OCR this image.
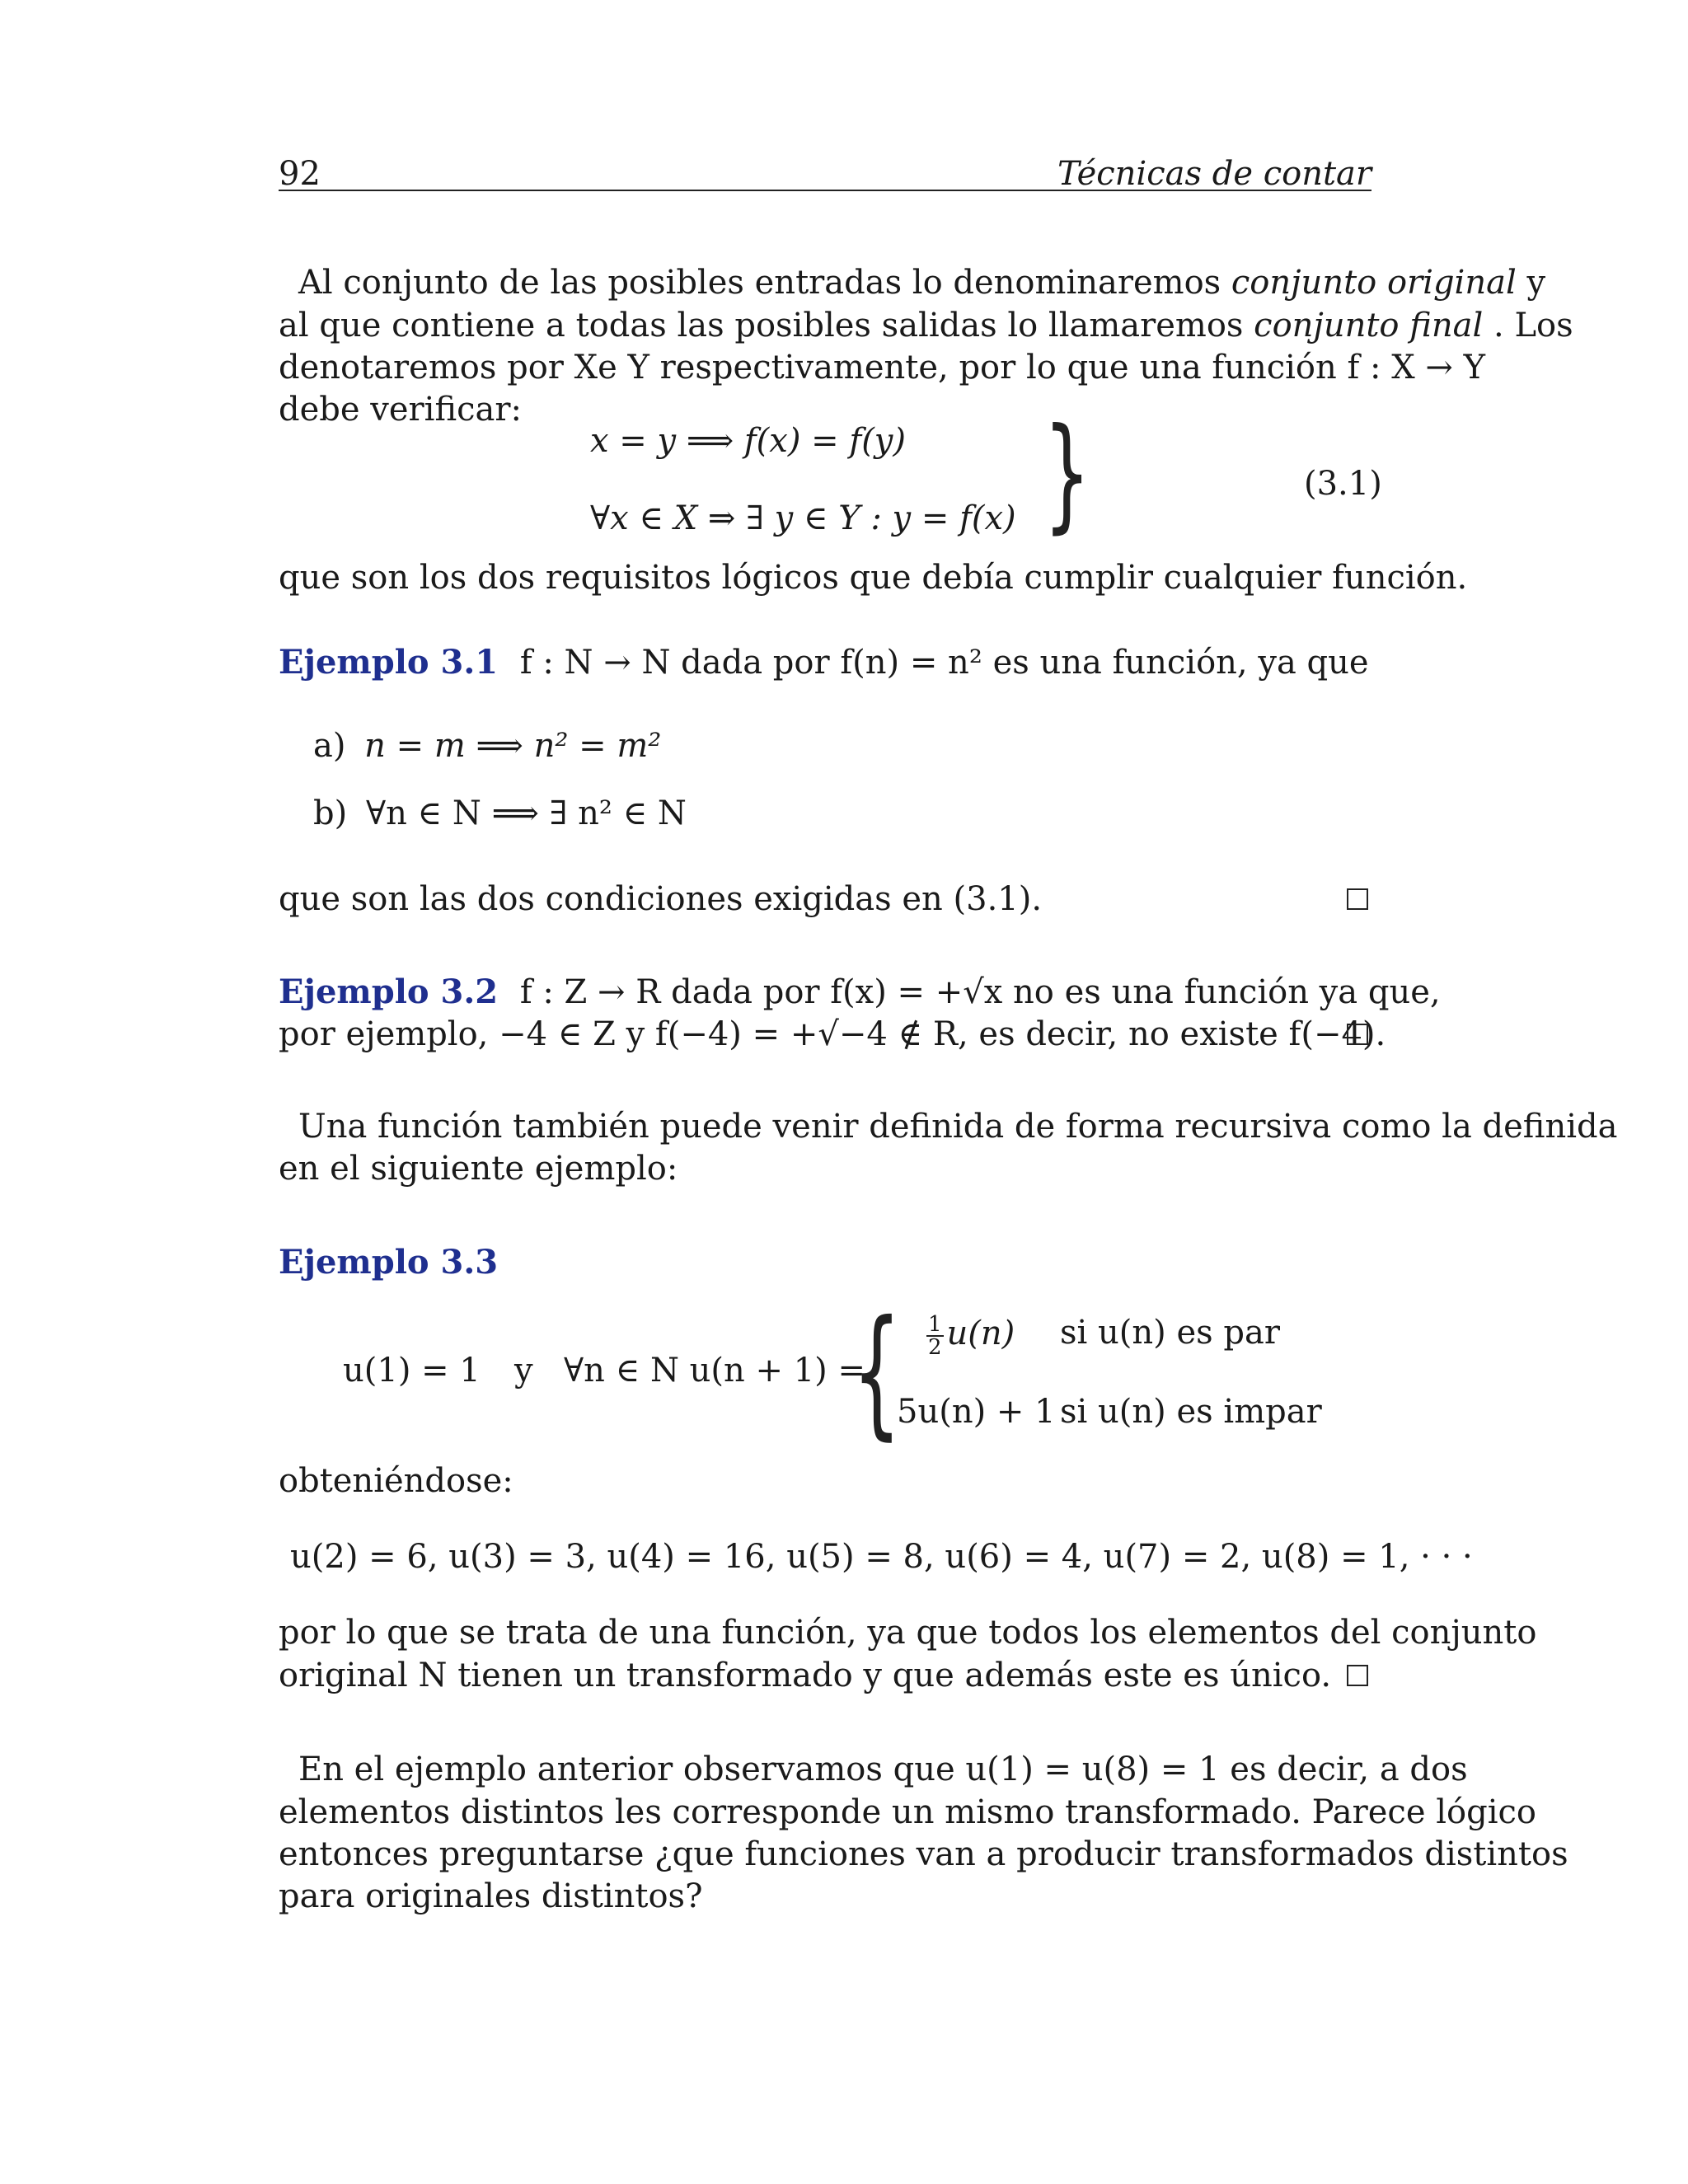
92	Técnicas de contar
Al conjunto de las posibles entradas lo denominaremos conjunto original y
al que contiene a todas las posibles salidas lo llamaremos conjunto final . Los
denotaremos por Xe Y respectivamente, por lo que una función f : X → Y
debe verificar:
x = y ⟹ f(x) = f(y)
∀x ∈ X ⇒ ∃ y ∈ Y : y = f(x) }	(3.1)
que son los dos requisitos lógicos que debía cumplir cualquier función.
Ejemplo 3.1 f : N → N dada por f(n) = n² es una función, ya que
a) n = m ⟹ n² = m²
b) ∀n ∈ N ⟹ ∃ n² ∈ N
que son las dos condiciones exigidas en (3.1).
Ejemplo 3.2 f : Z → R dada por f(x) = +√x no es una función ya que,
por ejemplo, −4 ∈ Z y f(−4) = +√−4 ∉ R, es decir, no existe f(−4).
Una función también puede venir definida de forma recursiva como la definida
en el siguiente ejemplo:
Ejemplo 3.3
u(1) = 1 y ∀n ∈ N u(n + 1) =
{ $\frac{1}{2} u(n)$ si u(n) es par
5u(n) + 1 si u(n) es impar
obteniéndose:
u(2) = 6, u(3) = 3, u(4) = 16, u(5) = 8, u(6) = 4, u(7) = 2, u(8) = 1, · · ·
por lo que se trata de una función, ya que todos los elementos del conjunto
original N tienen un transformado y que además este es único.
En el ejemplo anterior observamos que u(1) = u(8) = 1 es decir, a dos
elementos distintos les corresponde un mismo transformado. Parece lógico
entonces preguntarse ¿que funciones van a producir transformados distintos
para originales distintos?
